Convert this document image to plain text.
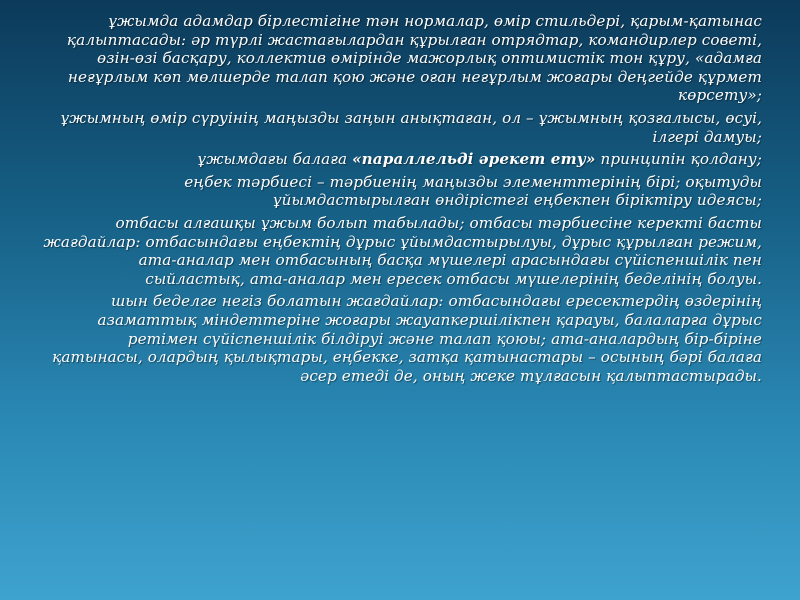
ұжымда адамдар бірлестігіне тән нормалар, өмір стильдері, қарым-қатынас қалыптасады: әр түрлі жастағылардан құрылған отрядтар, командирлер советі, өзін-өзі басқару, коллектив өмірінде мажорлық оптимистік тон құру, «адамға неғұрлым көп мөлшерде талап қою және оған неғұрлым жоғары деңгейде құрмет көрсету»;

ұжымның өмір сүруінің маңызды заңын анықтаған, ол – ұжымның қозғалысы, өсуі, ілгері дамуы;

ұжымдағы балаға «параллельді әрекет ету» принципін қолдану;

еңбек тәрбиесі – тәрбиенің маңызды элементтерінің бірі; оқытуды ұйымдастырылған өндірістегі еңбекпен біріктіру идеясы;

отбасы алғашқы ұжым болып табылады; отбасы тәрбиесіне керекті басты жағдайлар: отбасындағы еңбектің дұрыс ұйымдастырылуы, дұрыс құрылған режим, ата-аналар мен отбасының басқа мүшелері арасындағы сүйіспеншілік пен сыйластық, ата-аналар мен ересек отбасы мүшелерінің беделінің болуы.

шын беделге негіз болатын жағдайлар: отбасындағы ересектердің өздерінің азаматтық міндеттеріне жоғары жауапкершілікпен қарауы, балаларға дұрыс ретімен сүйіспеншілік білдіруі және талап қоюы; ата-аналардың бір-біріне қатынасы, олардың қылықтары, еңбекке, затқа қатынастары – осының бәрі балаға әсер етеді де, оның жеке тұлғасын қалыптастырады.
